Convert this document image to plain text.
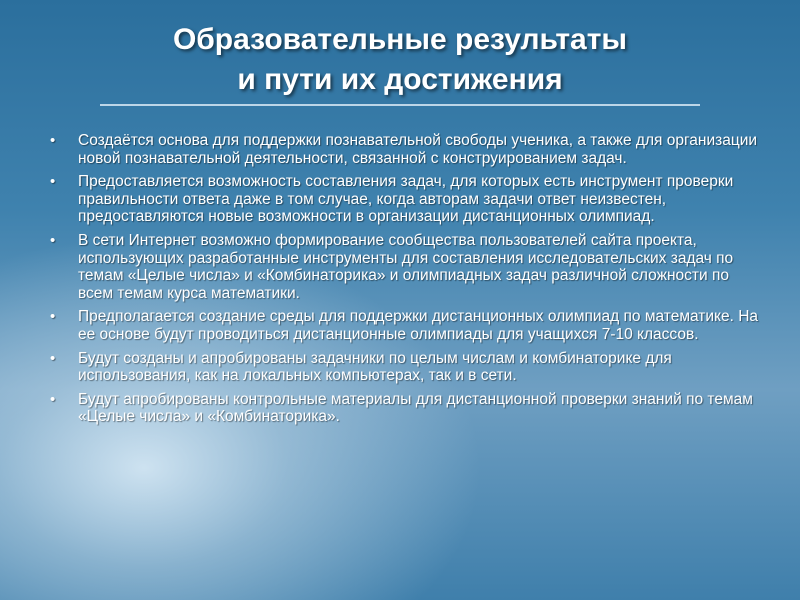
Образовательные результаты
и пути их достижения
•	Создаётся основа для поддержки познавательной свободы ученика, а также для организации новой познавательной деятельности, связанной с конструированием задач.
•	Предоставляется возможность составления задач, для которых есть инструмент проверки правильности ответа даже в том случае, когда авторам задачи ответ неизвестен, предоставляются новые возможности в организации дистанционных олимпиад.
•	В сети Интернет возможно формирование сообщества пользователей сайта проекта, использующих разработанные инструменты для составления исследовательских задач по темам «Целые числа» и «Комбинаторика» и олимпиадных задач различной сложности по всем темам курса математики.
•	Предполагается создание среды для поддержки дистанционных олимпиад по математике. На ее основе будут проводиться дистанционные олимпиады для учащихся 7-10 классов.
•	Будут созданы и апробированы задачники по целым числам и комбинаторике для использования, как на локальных компьютерах, так и в сети.
•	Будут апробированы контрольные материалы для дистанционной проверки знаний по темам «Целые числа» и «Комбинаторика».
